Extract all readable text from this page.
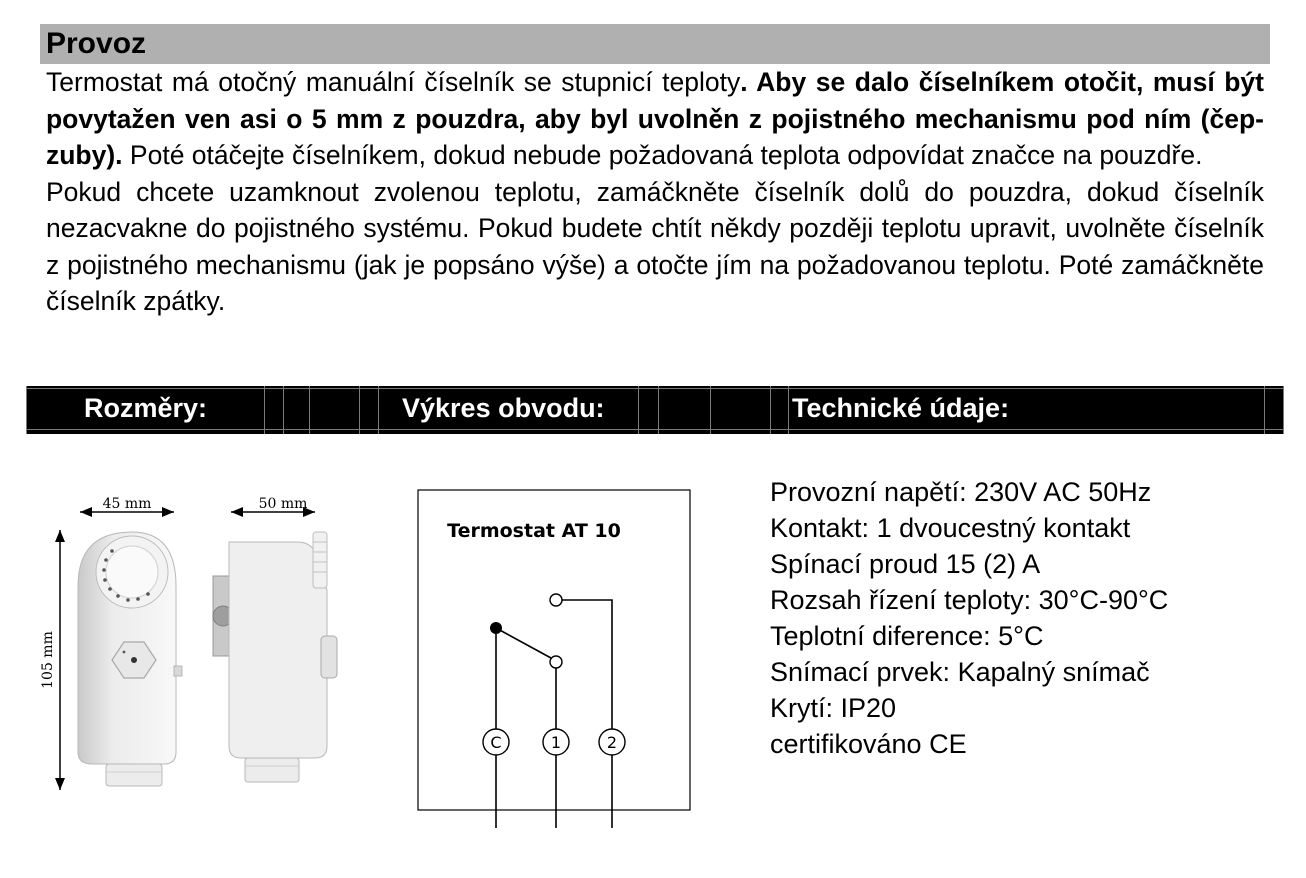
Provoz

Termostat má otočný manuální číselník se stupnicí teploty. Aby se dalo číselníkem otočit, musí být povytažen ven asi o 5 mm z pouzdra, aby byl uvolněn z pojistného mechanismu pod ním (čep-zuby). Poté otáčejte číselníkem, dokud nebude požadovaná teplota odpovídat značce na pouzdře.

Pokud chcete uzamknout zvolenou teplotu, zamáčkněte číselník dolů do pouzdra, dokud číselník nezacvakne do pojistného systému. Pokud budete chtít někdy později teplotu upravit, uvolněte číselník z pojistného mechanismu (jak je popsáno výše) a otočte jím na požadovanou teplotu. Poté zamáčkněte číselník zpátky.

Rozměry:	Výkres obvodu:	Technické údaje:
45 mm
105 mm
50 mm
Termostat AT 10
C	1	2
Provozní napětí: 230V AC 50Hz
Kontakt: 1 dvoucestný kontakt
Spínací proud 15 (2) A
Rozsah řízení teploty: 30°C-90°C
Teplotní diference: 5°C
Snímací prvek: Kapalný snímač
Krytí: IP20
certifikováno CE
